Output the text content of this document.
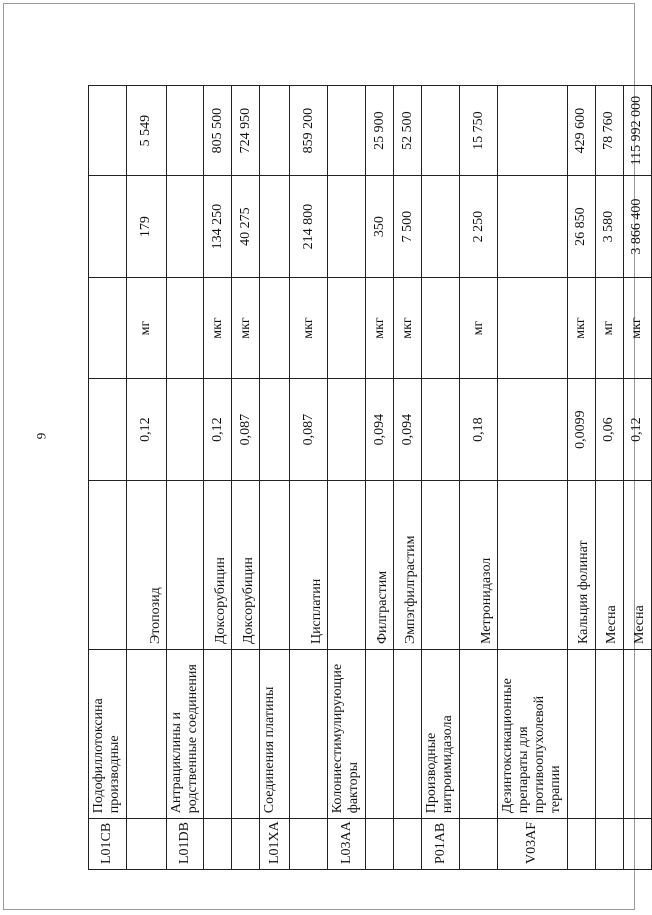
9
L01CB	Подофиллотоксина производные					
		Этопозид	0,12	мг	179	5 549
L01DB	Антрациклины и родственные соединения					
		Доксорубицин	0,12	мкг	134 250	805 500
		Доксорубицин	0,087	мкг	40 275	724 950
L01XA	Соединения платины					
		Цисплатин	0,087	мкг	214 800	859 200
L03AA	Колониестимулирующие факторы					
		Филграстим	0,094	мкг	350	25 900
		Эмпэгфилграстим	0,094	мкг	7 500	52 500
P01AB	Производные нитроимидазола					
		Метронидазол	0,18	мг	2 250	15 750
V03AF	Дезинтоксикационные препараты для противоопухолевой терапии					
		Кальция фолинат	0,0099	мкг	26 850	429 600
		Месна	0,06	мг	3 580	78 760
		Месна	0,12	мкг	3 866 400	115 992 000
